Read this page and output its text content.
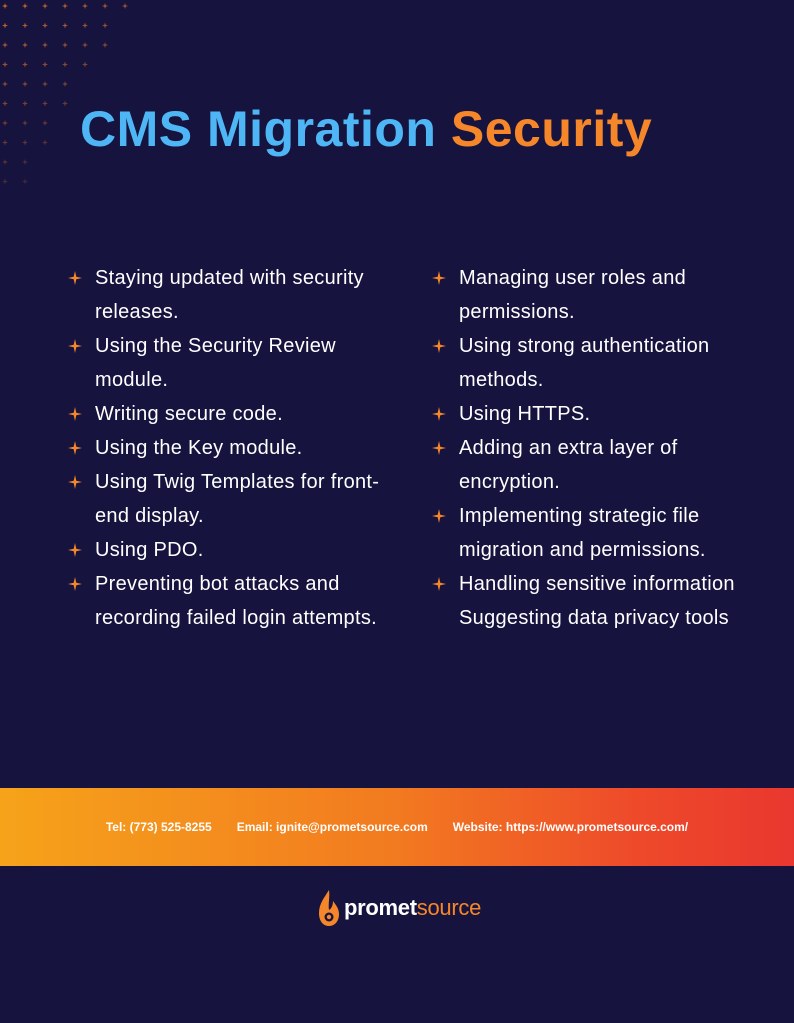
CMS Migration Security
Staying updated with security releases.
Using the Security Review module.
Writing secure code.
Using the Key module.
Using Twig Templates for front-end display.
Using PDO.
Preventing bot attacks and recording failed login attempts.
Managing user roles and permissions.
Using strong authentication methods.
Using HTTPS.
Adding an extra layer of encryption.
Implementing strategic file migration and permissions.
Handling sensitive information
Suggesting data privacy tools
Tel: (773) 525-8255 Email: ignite@prometsource.com Website: https://www.prometsource.com/
prometsource
